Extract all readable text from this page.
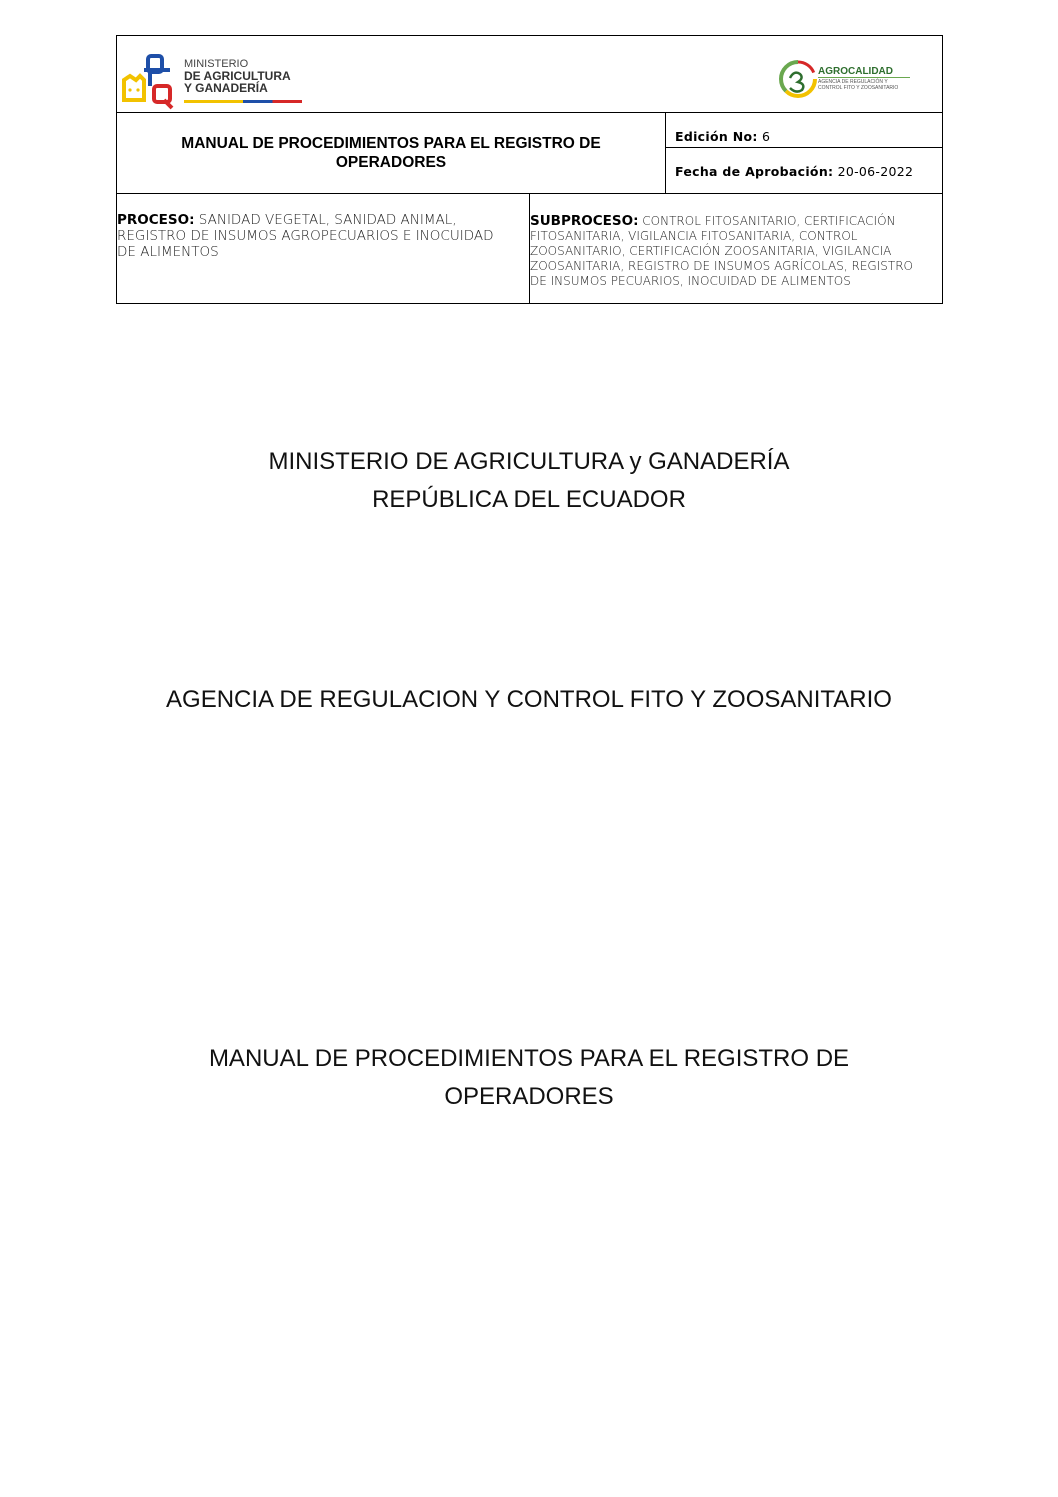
MINISTERIO
DE AGRICULTURA
Y GANADERÍA
AGROCALIDAD
AGENCIA DE REGULACIÓN Y
CONTROL FITO Y ZOOSANITARIO
MANUAL DE PROCEDIMIENTOS PARA EL REGISTRO DE
OPERADORES
Edición No: 6
Fecha de Aprobación: 20-06-2022

PROCESO: SANIDAD VEGETAL, SANIDAD ANIMAL,
REGISTRO DE INSUMOS AGROPECUARIOS E INOCUIDAD
DE ALIMENTOS

SUBPROCESO: CONTROL FITOSANITARIO, CERTIFICACIÓN
FITOSANITARIA, VIGILANCIA FITOSANITARIA, CONTROL
ZOOSANITARIO, CERTIFICACIÓN ZOOSANITARIA, VIGILANCIA
ZOOSANITARIA, REGISTRO DE INSUMOS AGRÍCOLAS, REGISTRO
DE INSUMOS PECUARIOS, INOCUIDAD DE ALIMENTOS

MINISTERIO DE AGRICULTURA y GANADERÍA
REPÚBLICA DEL ECUADOR
AGENCIA DE REGULACION Y CONTROL FITO Y ZOOSANITARIO
MANUAL DE PROCEDIMIENTOS PARA EL REGISTRO DE
OPERADORES
